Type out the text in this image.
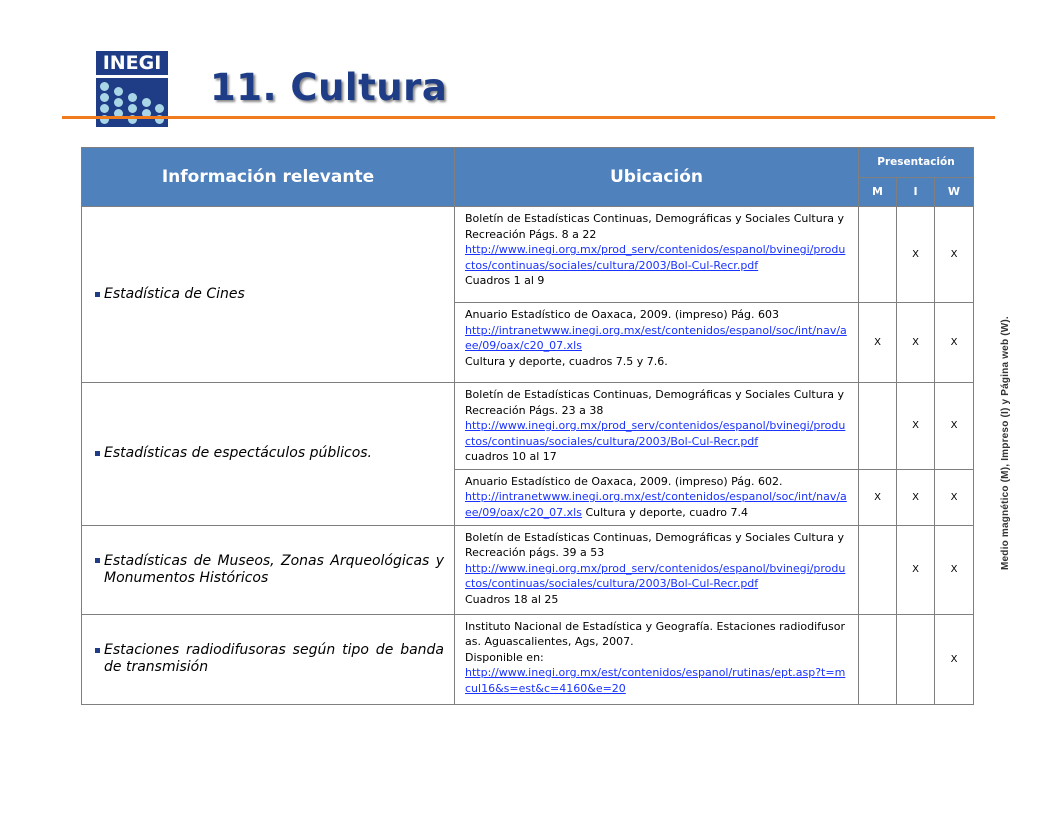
INEGI
11. Cultura
Medio magnético (M), Impreso (I) y Página web (W).
Información relevante	Ubicación	Presentación		
		M	I	W
Estadística de Cines	Boletín de Estadísticas Continuas, Demográficas y Sociales Cultura y Recreación Págs. 8 a 22
http://www.inegi.org.mx/prod_serv/contenidos/espanol/bvinegi/productos/continuas/sociales/cultura/2003/Bol-Cul-Recr.pdf
Cuadros 1 al 9		X	X

	Anuario Estadístico de Oaxaca, 2009. (impreso) Pág. 603
http://intranetwww.inegi.org.mx/est/contenidos/espanol/soc/int/nav/aee/09/oax/c20_07.xls
Cultura y deporte, cuadros 7.5 y 7.6.	X	X	X
Estadísticas de espectáculos públicos.	Boletín de Estadísticas Continuas, Demográficas y Sociales Cultura y Recreación Págs. 23 a 38
http://www.inegi.org.mx/prod_serv/contenidos/espanol/bvinegi/productos/continuas/sociales/cultura/2003/Bol-Cul-Recr.pdf
cuadros 10 al 17		X	X

	Anuario Estadístico de Oaxaca, 2009. (impreso) Pág. 602.
http://intranetwww.inegi.org.mx/est/contenidos/espanol/soc/int/nav/aee/09/oax/c20_07.xls Cultura y deporte, cuadro 7.4	X	X	X
Estadísticas de Museos, Zonas Arqueológicas y Monumentos Históricos	Boletín de Estadísticas Continuas, Demográficas y Sociales Cultura y Recreación págs. 39 a 53
http://www.inegi.org.mx/prod_serv/contenidos/espanol/bvinegi/productos/continuas/sociales/cultura/2003/Bol-Cul-Recr.pdf
Cuadros 18 al 25		X	X
Estaciones radiodifusoras según tipo de banda de transmisión	Instituto Nacional de Estadística y Geografía. Estaciones radiodifusoras. Aguascalientes, Ags, 2007.
Disponible en:
http://www.inegi.org.mx/est/contenidos/espanol/rutinas/ept.asp?t=mcul16&s=est&c=4160&e=20			X
